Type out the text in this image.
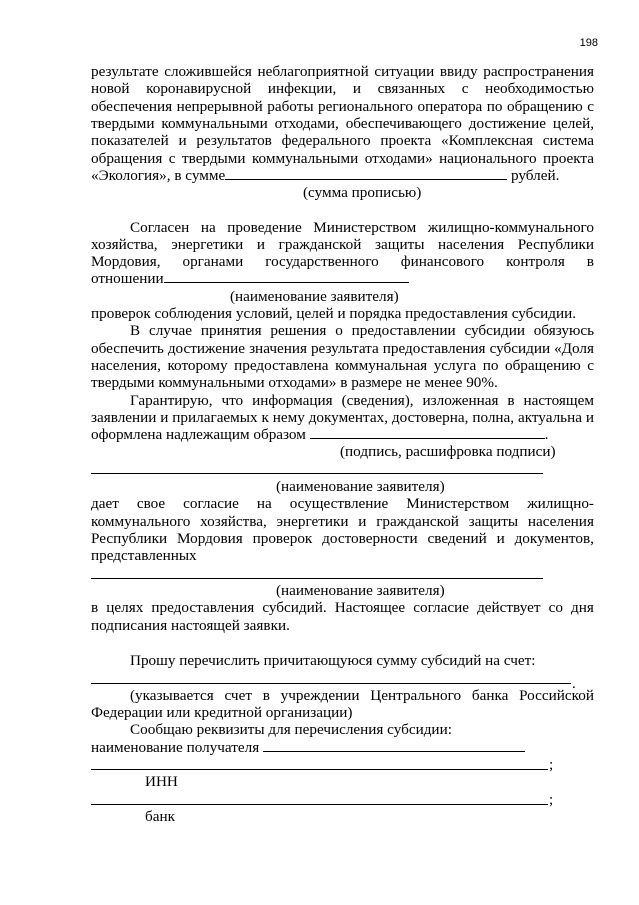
198
результате сложившейся неблагоприятной ситуации ввиду распространения
новой коронавирусной инфекции, и связанных с необходимостью
обеспечения непрерывной работы регионального оператора по обращению с
твердыми коммунальными отходами, обеспечивающего достижение целей,
показателей и результатов федерального проекта «Комплексная система
обращения с твердыми коммунальными отходами» национального проекта
«Экология», в сумме	рублей.
(сумма прописью)
Согласен на проведение Министерством жилищно-коммунального
хозяйства, энергетики и гражданской защиты населения Республики
Мордовия, органами государственного финансового контроля в
отношении
(наименование заявителя)
проверок соблюдения условий, целей и порядка предоставления субсидии.
В случае принятия решения о предоставлении субсидии обязуюсь
обеспечить достижение значения результата предоставления субсидии «Доля
населения, которому предоставлена коммунальная услуга по обращению с
твердыми коммунальными отходами» в размере не менее 90%.
Гарантирую, что информация (сведения), изложенная в настоящем
заявлении и прилагаемых к нему документах, достоверна, полна, актуальна и
оформлена надлежащим образом	.
(подпись, расшифровка подписи)
(наименование заявителя)
дает свое согласие на осуществление Министерством жилищно-
коммунального хозяйства, энергетики и гражданской защиты населения
Республики Мордовия проверок достоверности сведений и документов,
представленных
(наименование заявителя)
в целях предоставления субсидий. Настоящее согласие действует со дня
подписания настоящей заявки.
Прошу перечислить причитающуюся сумму субсидий на счет:
.
(указывается счет в учреждении Центрального банка Российской
Федерации или кредитной организации)
Сообщаю реквизиты для перечисления субсидии:
наименование получателя
;
ИНН
;
банк
